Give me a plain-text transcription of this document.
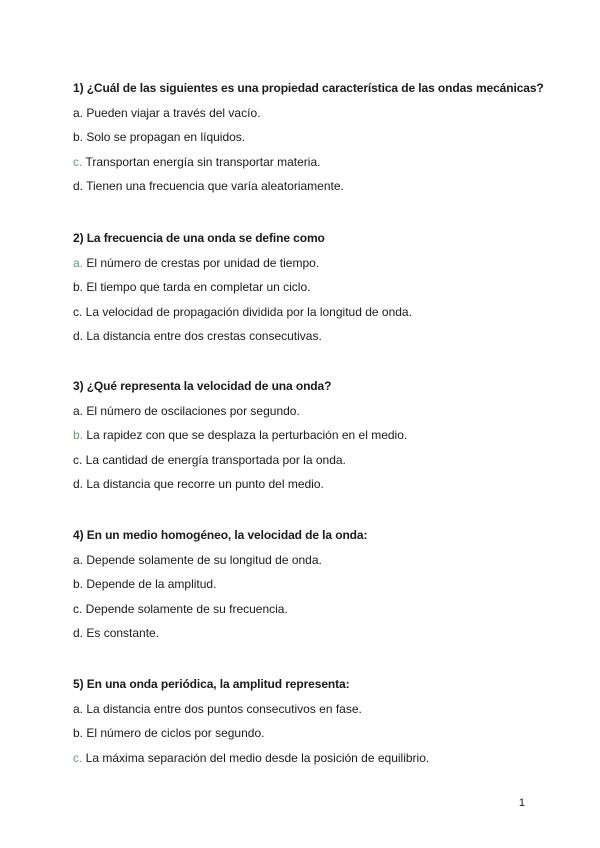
1) ¿Cuál de las siguientes es una propiedad característica de las ondas mecánicas?
a. Pueden viajar a través del vacío.
b. Solo se propagan en líquidos.
c. Transportan energía sin transportar materia.
d. Tienen una frecuencia que varía aleatoriamente.
2) La frecuencia de una onda se define como
a. El número de crestas por unidad de tiempo.
b. El tiempo que tarda en completar un ciclo.
c. La velocidad de propagación dividida por la longitud de onda.
d. La distancia entre dos crestas consecutivas.
3) ¿Qué representa la velocidad de una onda?
a. El número de oscilaciones por segundo.
b. La rapidez con que se desplaza la perturbación en el medio.
c. La cantidad de energía transportada por la onda.
d. La distancia que recorre un punto del medio.
4) En un medio homogéneo, la velocidad de la onda:
a. Depende solamente de su longitud de onda.
b. Depende de la amplitud.
c. Depende solamente de su frecuencia.
d. Es constante.
5) En una onda periódica, la amplitud representa:
a. La distancia entre dos puntos consecutivos en fase.
b. El número de ciclos por segundo.
c. La máxima separación del medio desde la posición de equilibrio.
1
